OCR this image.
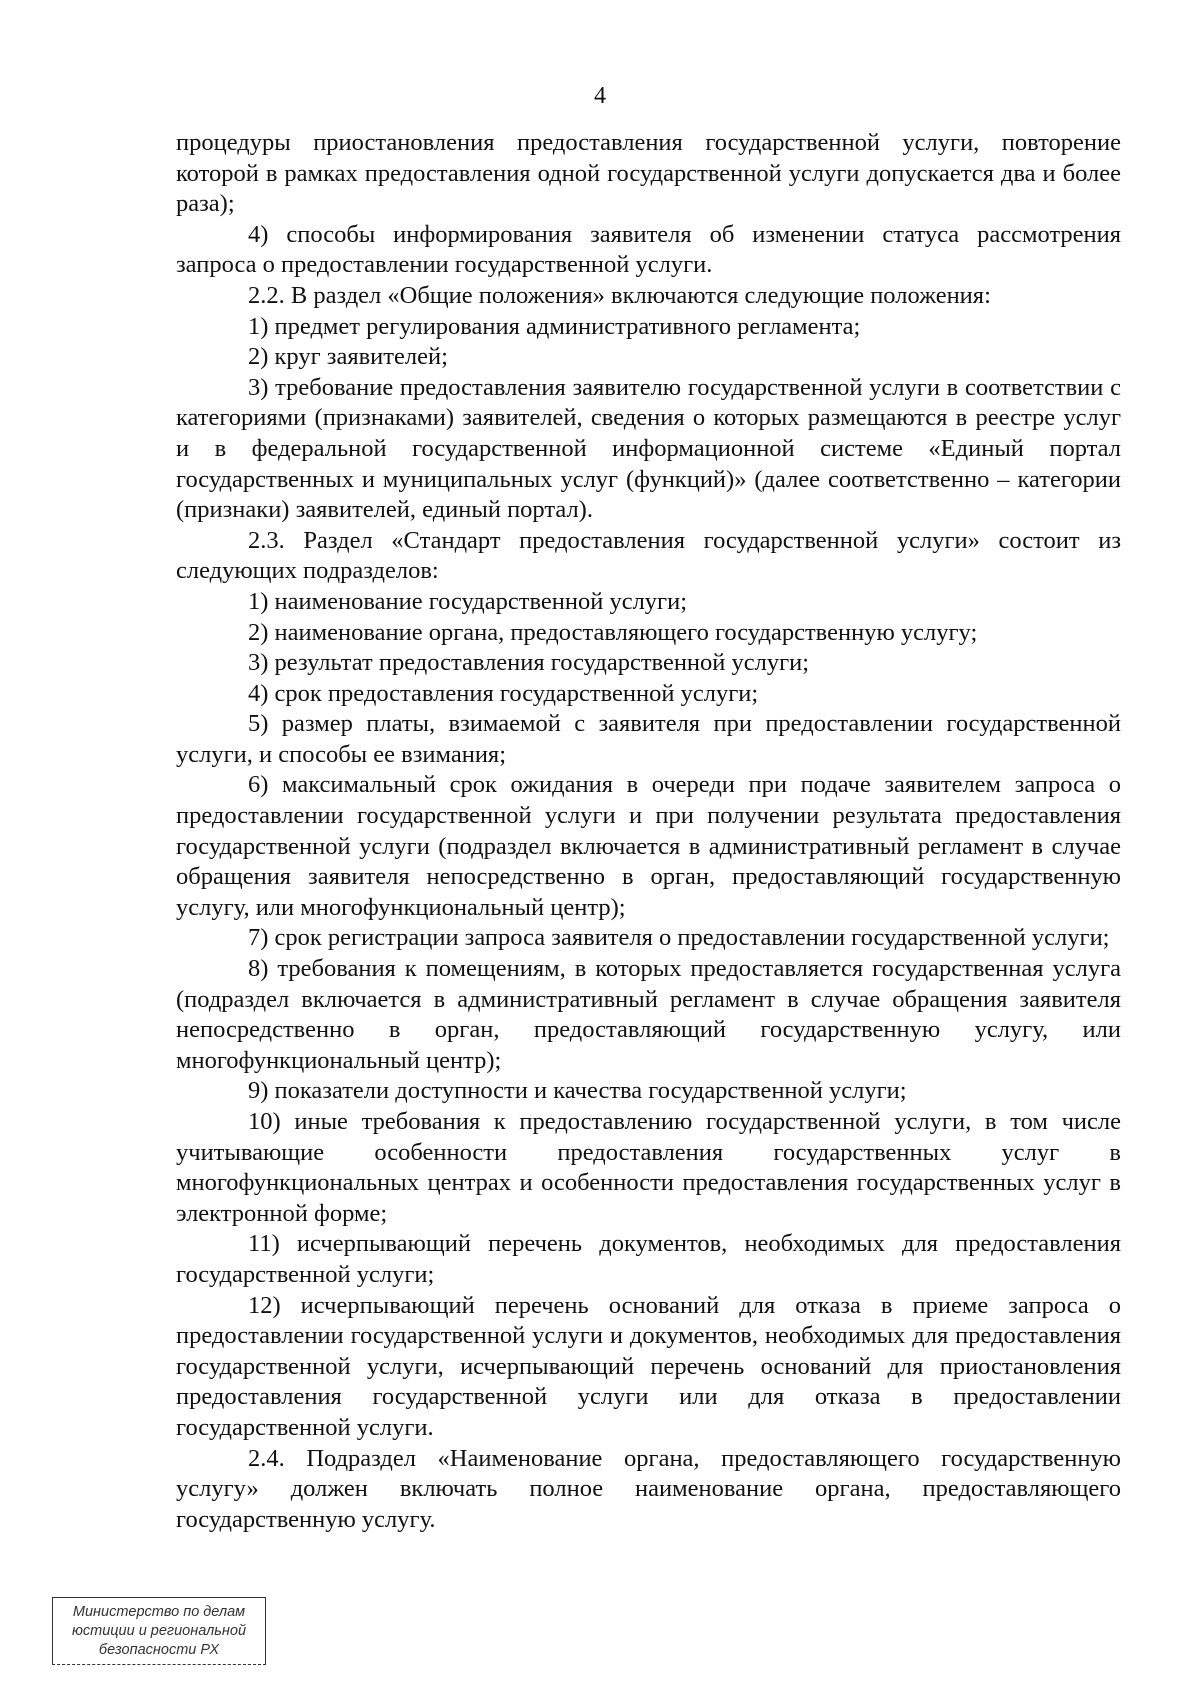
4

процедуры приостановления предоставления государственной услуги, повторение которой в рамках предоставления одной государственной услуги допускается два и более раза);

4) способы информирования заявителя об изменении статуса рассмотрения запроса о предоставлении государственной услуги.

2.2. В раздел «Общие положения» включаются следующие положения:

1) предмет регулирования административного регламента;

2) круг заявителей;

3) требование предоставления заявителю государственной услуги в соответствии с категориями (признаками) заявителей, сведения о которых размещаются в реестре услуг и в федеральной государственной информационной системе «Единый портал государственных и муниципальных услуг (функций)» (далее соответственно – категории (признаки) заявителей, единый портал).

2.3. Раздел «Стандарт предоставления государственной услуги» состоит из следующих подразделов:

1) наименование государственной услуги;

2) наименование органа, предоставляющего государственную услугу;

3) результат предоставления государственной услуги;

4) срок предоставления государственной услуги;

5) размер платы, взимаемой с заявителя при предоставлении государственной услуги, и способы ее взимания;

6) максимальный срок ожидания в очереди при подаче заявителем запроса о предоставлении государственной услуги и при получении результата предоставления государственной услуги (подраздел включается в административный регламент в случае обращения заявителя непосредственно в орган, предоставляющий государственную услугу, или многофункциональный центр);

7) срок регистрации запроса заявителя о предоставлении государственной услуги;

8) требования к помещениям, в которых предоставляется государственная услуга (подраздел включается в административный регламент в случае обращения заявителя непосредственно в орган, предоставляющий государственную услугу, или многофункциональный центр);

9) показатели доступности и качества государственной услуги;

10) иные требования к предоставлению государственной услуги, в том числе учитывающие особенности предоставления государственных услуг в многофункциональных центрах и особенности предоставления государственных услуг в электронной форме;

11) исчерпывающий перечень документов, необходимых для предоставления государственной услуги;

12) исчерпывающий перечень оснований для отказа в приеме запроса о предоставлении государственной услуги и документов, необходимых для предоставления государственной услуги, исчерпывающий перечень оснований для приостановления предоставления государственной услуги или для отказа в предоставлении государственной услуги.

2.4. Подраздел «Наименование органа, предоставляющего государственную услугу» должен включать полное наименование органа, предоставляющего государственную услугу.

Министерство по делам
юстиции и региональной
безопасности РХ
